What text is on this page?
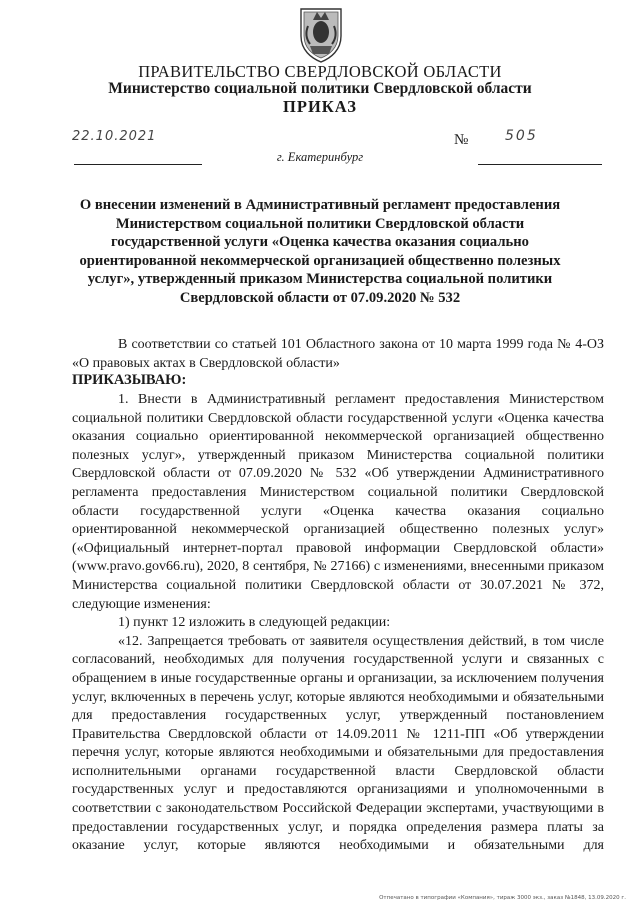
ПРАВИТЕЛЬСТВО СВЕРДЛОВСКОЙ ОБЛАСТИ
Министерство социальной политики Свердловской области
ПРИКАЗ
22.10.2021	№	505
г. Екатеринбург
О внесении изменений в Административный регламент предоставления Министерством социальной политики Свердловской области государственной услуги «Оценка качества оказания социально ориентированной некоммерческой организацией общественно полезных услуг», утвержденный приказом Министерства социальной политики Свердловской области от 07.09.2020 № 532
В соответствии со статьей 101 Областного закона от 10 марта 1999 года № 4-ОЗ «О правовых актах в Свердловской области»
ПРИКАЗЫВАЮ:
1. Внести в Административный регламент предоставления Министерством социальной политики Свердловской области государственной услуги «Оценка качества оказания социально ориентированной некоммерческой организацией общественно полезных услуг», утвержденный приказом Министерства социальной политики Свердловской области от 07.09.2020 № 532 «Об утверждении Административного регламента предоставления Министерством социальной политики Свердловской области государственной услуги «Оценка качества оказания социально ориентированной некоммерческой организацией общественно полезных услуг» («Официальный интернет-портал правовой информации Свердловской области» (www.pravo.gov66.ru), 2020, 8 сентября, № 27166) с изменениями, внесенными приказом Министерства социальной политики Свердловской области от 30.07.2021 № 372, следующие изменения:
1) пункт 12 изложить в следующей редакции:
«12. Запрещается требовать от заявителя осуществления действий, в том числе согласований, необходимых для получения государственной услуги и связанных с обращением в иные государственные органы и организации, за исключением получения услуг, включенных в перечень услуг, которые являются необходимыми и обязательными для предоставления государственных услуг, утвержденный постановлением Правительства Свердловской области от 14.09.2011 № 1211-ПП «Об утверждении перечня услуг, которые являются необходимыми и обязательными для предоставления исполнительными органами государственной власти Свердловской области государственных услуг и предоставляются организациями и уполномоченными в соответствии с законодательством Российской Федерации экспертами, участвующими в предоставлении государственных услуг, и порядка определения размера платы за оказание услуг, которые являются необходимыми и обязательными для
Отпечатано в типографии «Компания», тираж 3000 экз., заказ №1848, 13.09.2020 г.
